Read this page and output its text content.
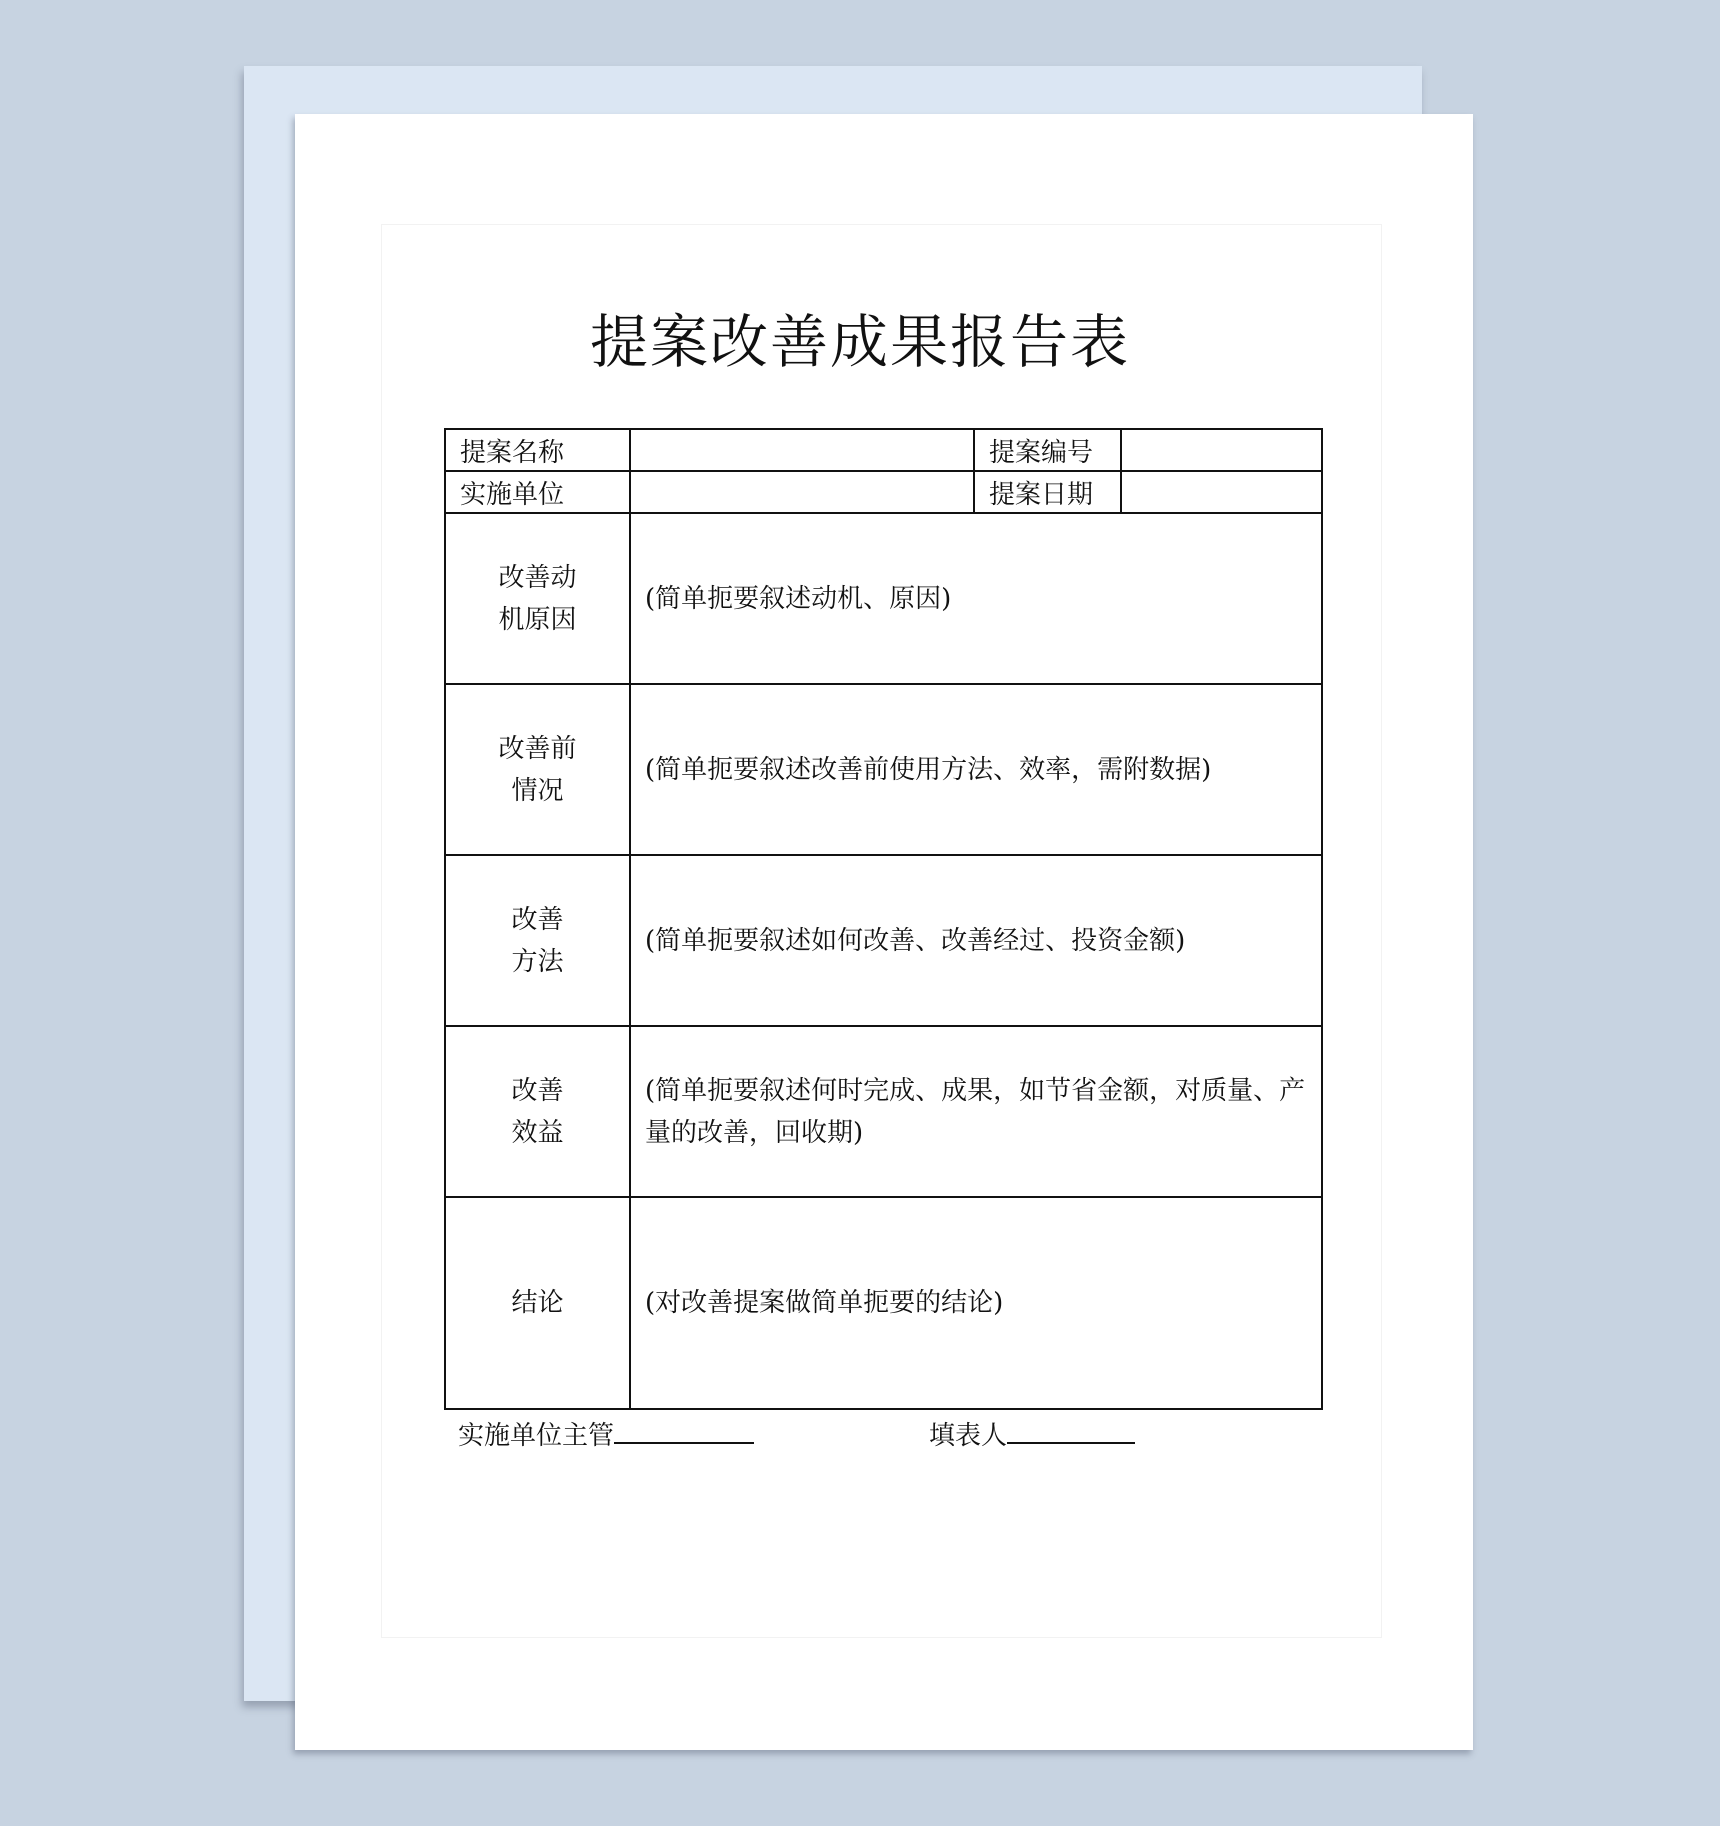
提案改善成果报告表
提案名称		提案编号	
实施单位		提案日期	

改善动
机原因	(简单扼要叙述动机、原因)		

改善前
情况	(简单扼要叙述改善前使用方法、效率，需附数据)		

改善
方法	(简单扼要叙述如何改善、改善经过、投资金额)		

改善
效益	(简单扼要叙述何时完成、成果，如节省金额，对质量、产量的改善，回收期)		

结论	(对改善提案做简单扼要的结论)		
实施单位主管	填表人
